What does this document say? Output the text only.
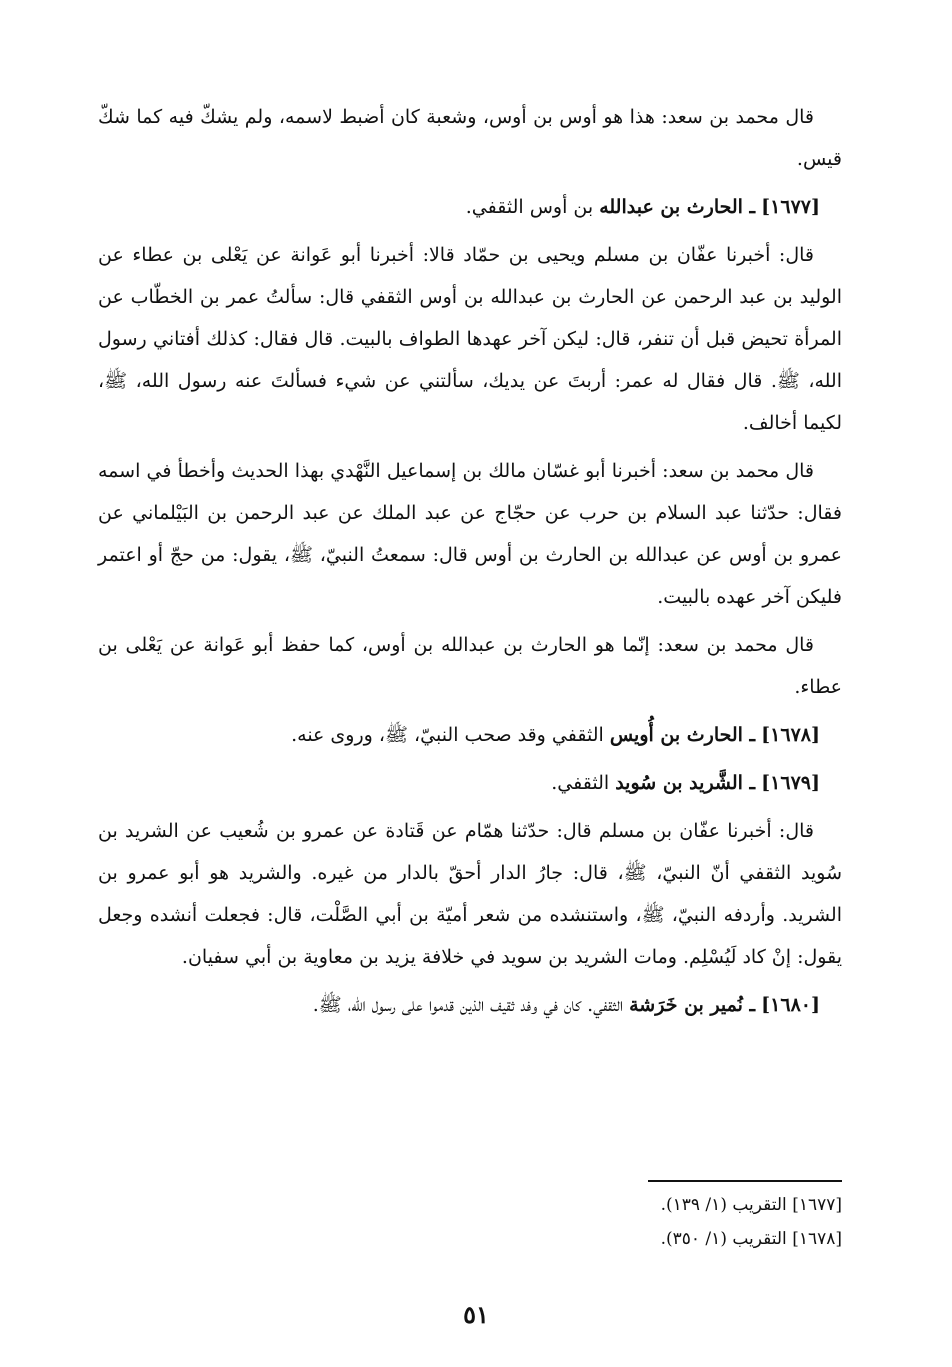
قال محمد بن سعد: هذا هو أوس بن أوس، وشعبة كان أضبط لاسمه، ولم يشكّ فيه كما شكّ قيس.

[١٦٧٧] ـ الحارث بن عبدالله بن أوس الثقفي.

قال: أخبرنا عفّان بن مسلم ويحيى بن حمّاد قالا: أخبرنا أبو عَوانة عن يَعْلى بن عطاء عن الوليد بن عبد الرحمن عن الحارث بن عبدالله بن أوس الثقفي قال: سألتُ عمر بن الخطّاب عن المرأة تحيض قبل أن تنفر، قال: ليكن آخر عهدها الطواف بالبيت. قال فقال: كذلك أفتاني رسول الله، ﷺ. قال فقال له عمر: أربتَ عن يديك، سألتني عن شيء فسألتَ عنه رسول الله، ﷺ، لكيما أخالف.

قال محمد بن سعد: أخبرنا أبو غسّان مالك بن إسماعيل النَّهْدي بهذا الحديث وأخطأ في اسمه فقال: حدّثنا عبد السلام بن حرب عن حجّاج عن عبد الملك عن عبد الرحمن بن البَيْلماني عن عمرو بن أوس عن عبدالله بن الحارث بن أوس قال: سمعتُ النبيّ، ﷺ، يقول: من حجّ أو اعتمر فليكن آخر عهده بالبيت.

قال محمد بن سعد: إنّما هو الحارث بن عبدالله بن أوس، كما حفظ أبو عَوانة عن يَعْلى بن عطاء.

[١٦٧٨] ـ الحارث بن أُويس الثقفي وقد صحب النبيّ، ﷺ، وروى عنه.

[١٦٧٩] ـ الشَّريد بن سُويد الثقفي.

قال: أخبرنا عفّان بن مسلم قال: حدّثنا همّام عن قَتادة عن عمرو بن شُعيب عن الشريد بن سُويد الثقفي أنّ النبيّ، ﷺ، قال: جارُ الدار أحقّ بالدار من غيره. والشريد هو أبو عمرو بن الشريد. وأردفه النبيّ، ﷺ، واستنشده من شعر أميّة بن أبي الصَّلْت، قال: فجعلت أنشده وجعل يقول: إنْ كاد لَيُسْلِم. ومات الشريد بن سويد في خلافة يزيد بن معاوية بن أبي سفيان.

[١٦٨٠] ـ نُمير بن خَرَشة الثقفي. كان في وفد ثقيف الذين قدموا على رسول الله، ﷺ.

[١٦٧٧] التقريب (١/ ١٣٩).
[١٦٧٨] التقريب (١/ ٣٥٠).
٥١
